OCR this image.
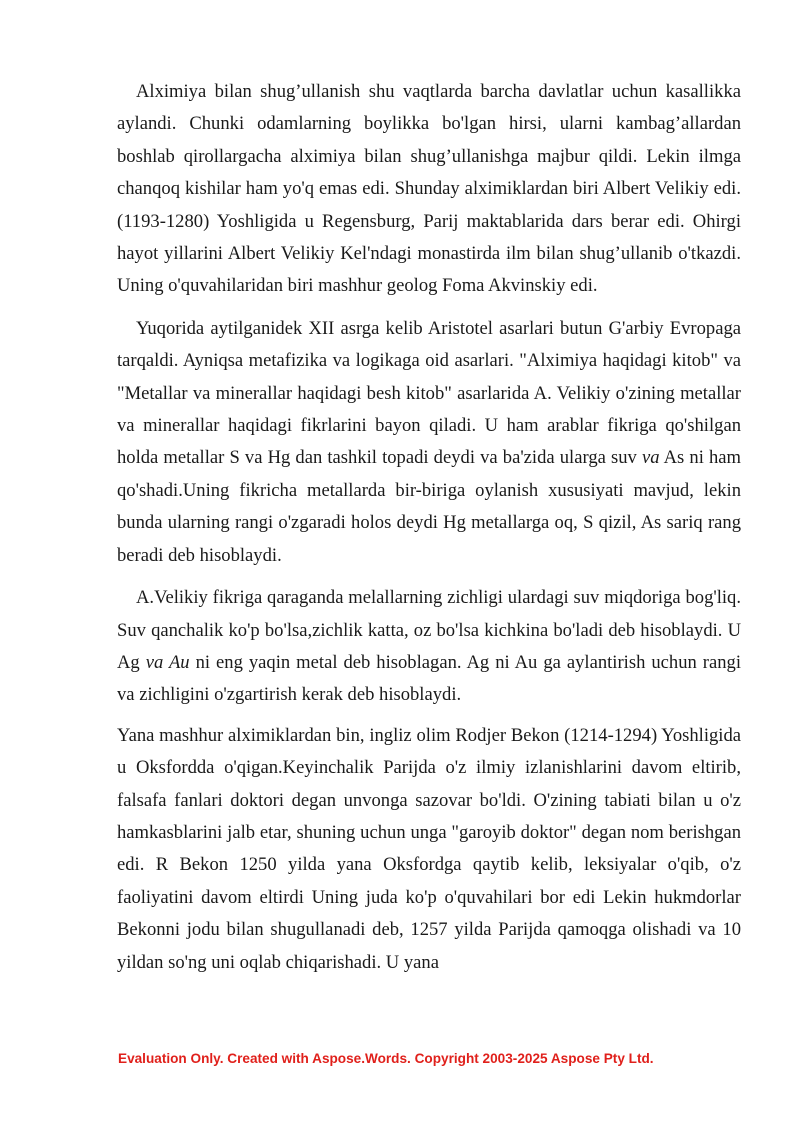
Alximiya bilan shug’ullanish shu vaqtlarda barcha davlatlar uchun kasallikka aylandi. Chunki odamlarning boylikka bo'lgan hirsi, ularni kambag’allardan boshlab qirollargacha alximiya bilan shug’ullanishga majbur qildi. Lekin ilmga chanqoq kishilar ham yo'q emas edi. Shunday alximiklardan biri Albert Velikiy edi. (1193-1280) Yoshligida u Regensburg, Parij maktablarida dars berar edi. Ohirgi hayot yillarini Albert Velikiy Kel'ndagi monastirda ilm bilan shug’ullanib o'tkazdi. Uning o'quvahilaridan biri mashhur geolog Foma Akvinskiy edi.

Yuqorida aytilganidek XII asrga kelib Aristotel asarlari butun G'arbiy Evropaga tarqaldi. Ayniqsa metafizika va logikaga oid asarlari. "Alximiya haqidagi kitob" va "Metallar va minerallar haqidagi besh kitob" asarlarida A. Velikiy o'zining metallar va minerallar haqidagi fikrlarini bayon qiladi. U ham arablar fikriga qo'shilgan holda metallar S va Hg dan tashkil topadi deydi va ba'zida ularga suv va As ni ham qo'shadi.Uning fikricha metallarda bir-biriga oylanish xususiyati mavjud, lekin bunda ularning rangi o'zgaradi holos deydi Hg metallarga oq, S qizil, As sariq rang beradi deb hisoblaydi.

A.Velikiy fikriga qaraganda melallarning zichligi ulardagi suv miqdoriga bog'liq. Suv qanchalik ko'p bo'lsa,zichlik katta, oz bo'lsa kichkina bo'ladi deb hisoblaydi. U Ag va Au ni eng yaqin metal deb hisoblagan. Ag ni Au ga aylantirish uchun rangi va zichligini o'zgartirish kerak deb hisoblaydi.

Yana mashhur alximiklardan bin, ingliz olim Rodjer Bekon (1214-1294) Yoshligida u Oksfordda o'qigan.Keyinchalik Parijda o'z ilmiy izlanishlarini davom eltirib, falsafa fanlari doktori degan unvonga sazovar bo'ldi. O'zining tabiati bilan u o'z hamkasblarini jalb etar, shuning uchun unga "garoyib doktor" degan nom berishgan edi. R Bekon 1250 yilda yana Oksfordga qaytib kelib, leksiyalar o'qib, o'z faoliyatini davom eltirdi Uning juda ko'p o'quvahilari bor edi Lekin hukmdorlar Bekonni jodu bilan shugullanadi deb, 1257 yilda Parijda qamoqga olishadi va 10 yildan so'ng uni oqlab chiqarishadi. U yana

Evaluation Only. Created with Aspose.Words. Copyright 2003-2025 Aspose Pty Ltd.
